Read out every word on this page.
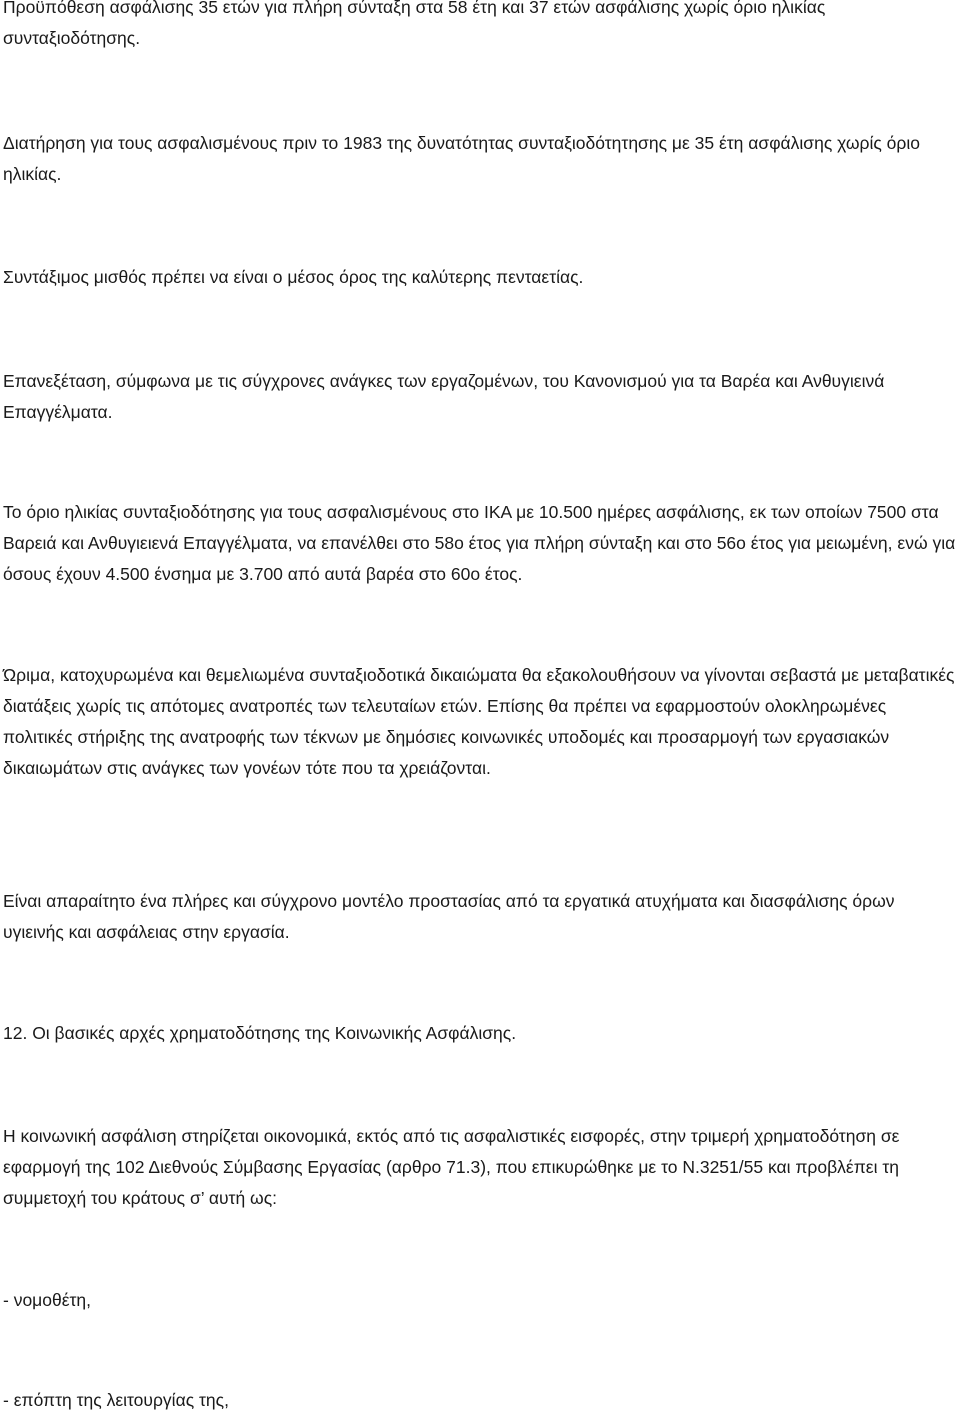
Προϋπόθεση ασφάλισης 35 ετών για πλήρη σύνταξη στα 58 έτη και 37 ετών ασφάλισης χωρίς όριο ηλικίας συνταξιοδότησης.

Διατήρηση για τους ασφαλισμένους πριν το 1983 της δυνατότητας συνταξιοδότητησης με 35 έτη ασφάλισης χωρίς όριο ηλικίας.

Συντάξιμος μισθός πρέπει να είναι ο μέσος όρος της καλύτερης πενταετίας.

Επανεξέταση, σύμφωνα με τις σύγχρονες ανάγκες των εργαζομένων, του Κανονισμού για τα Βαρέα και Ανθυγιεινά Επαγγέλματα.

Το όριο ηλικίας συνταξιοδότησης για τους ασφαλισμένους στο ΙΚΑ με 10.500 ημέρες ασφάλισης, εκ των οποίων 7500 στα Βαρειά και Ανθυγιειενά Επαγγέλματα, να επανέλθει στο 58ο έτος για πλήρη σύνταξη και στο 56ο έτος για μειωμένη, ενώ για όσους έχουν 4.500 ένσημα με 3.700 από αυτά βαρέα στο 60ο έτος.

Ώριμα, κατοχυρωμένα και θεμελιωμένα συνταξιοδοτικά δικαιώματα θα εξακολουθήσουν να γίνονται σεβαστά με μεταβατικές διατάξεις χωρίς τις απότομες ανατροπές των τελευταίων ετών. Επίσης θα πρέπει να εφαρμοστούν ολοκληρωμένες πολιτικές στήριξης της ανατροφής των τέκνων με δημόσιες κοινωνικές υποδομές και προσαρμογή των εργασιακών δικαιωμάτων στις ανάγκες των γονέων τότε που τα χρειάζονται.

Είναι απαραίτητο ένα πλήρες και σύγχρονο μοντέλο προστασίας από τα εργατικά ατυχήματα και διασφάλισης όρων υγιεινής και ασφάλειας στην εργασία.

12. Οι βασικές αρχές χρηματοδότησης της Κοινωνικής Ασφάλισης.

Η κοινωνική ασφάλιση στηρίζεται οικονομικά, εκτός από τις ασφαλιστικές εισφορές, στην τριμερή χρηματοδότηση σε εφαρμογή της 102 Διεθνούς Σύμβασης Εργασίας (αρθρο 71.3), που επικυρώθηκε με το Ν.3251/55 και προβλέπει τη συμμετοχή του κράτους σ’ αυτή ως:

- νομοθέτη,

- επόπτη της λειτουργίας της,
